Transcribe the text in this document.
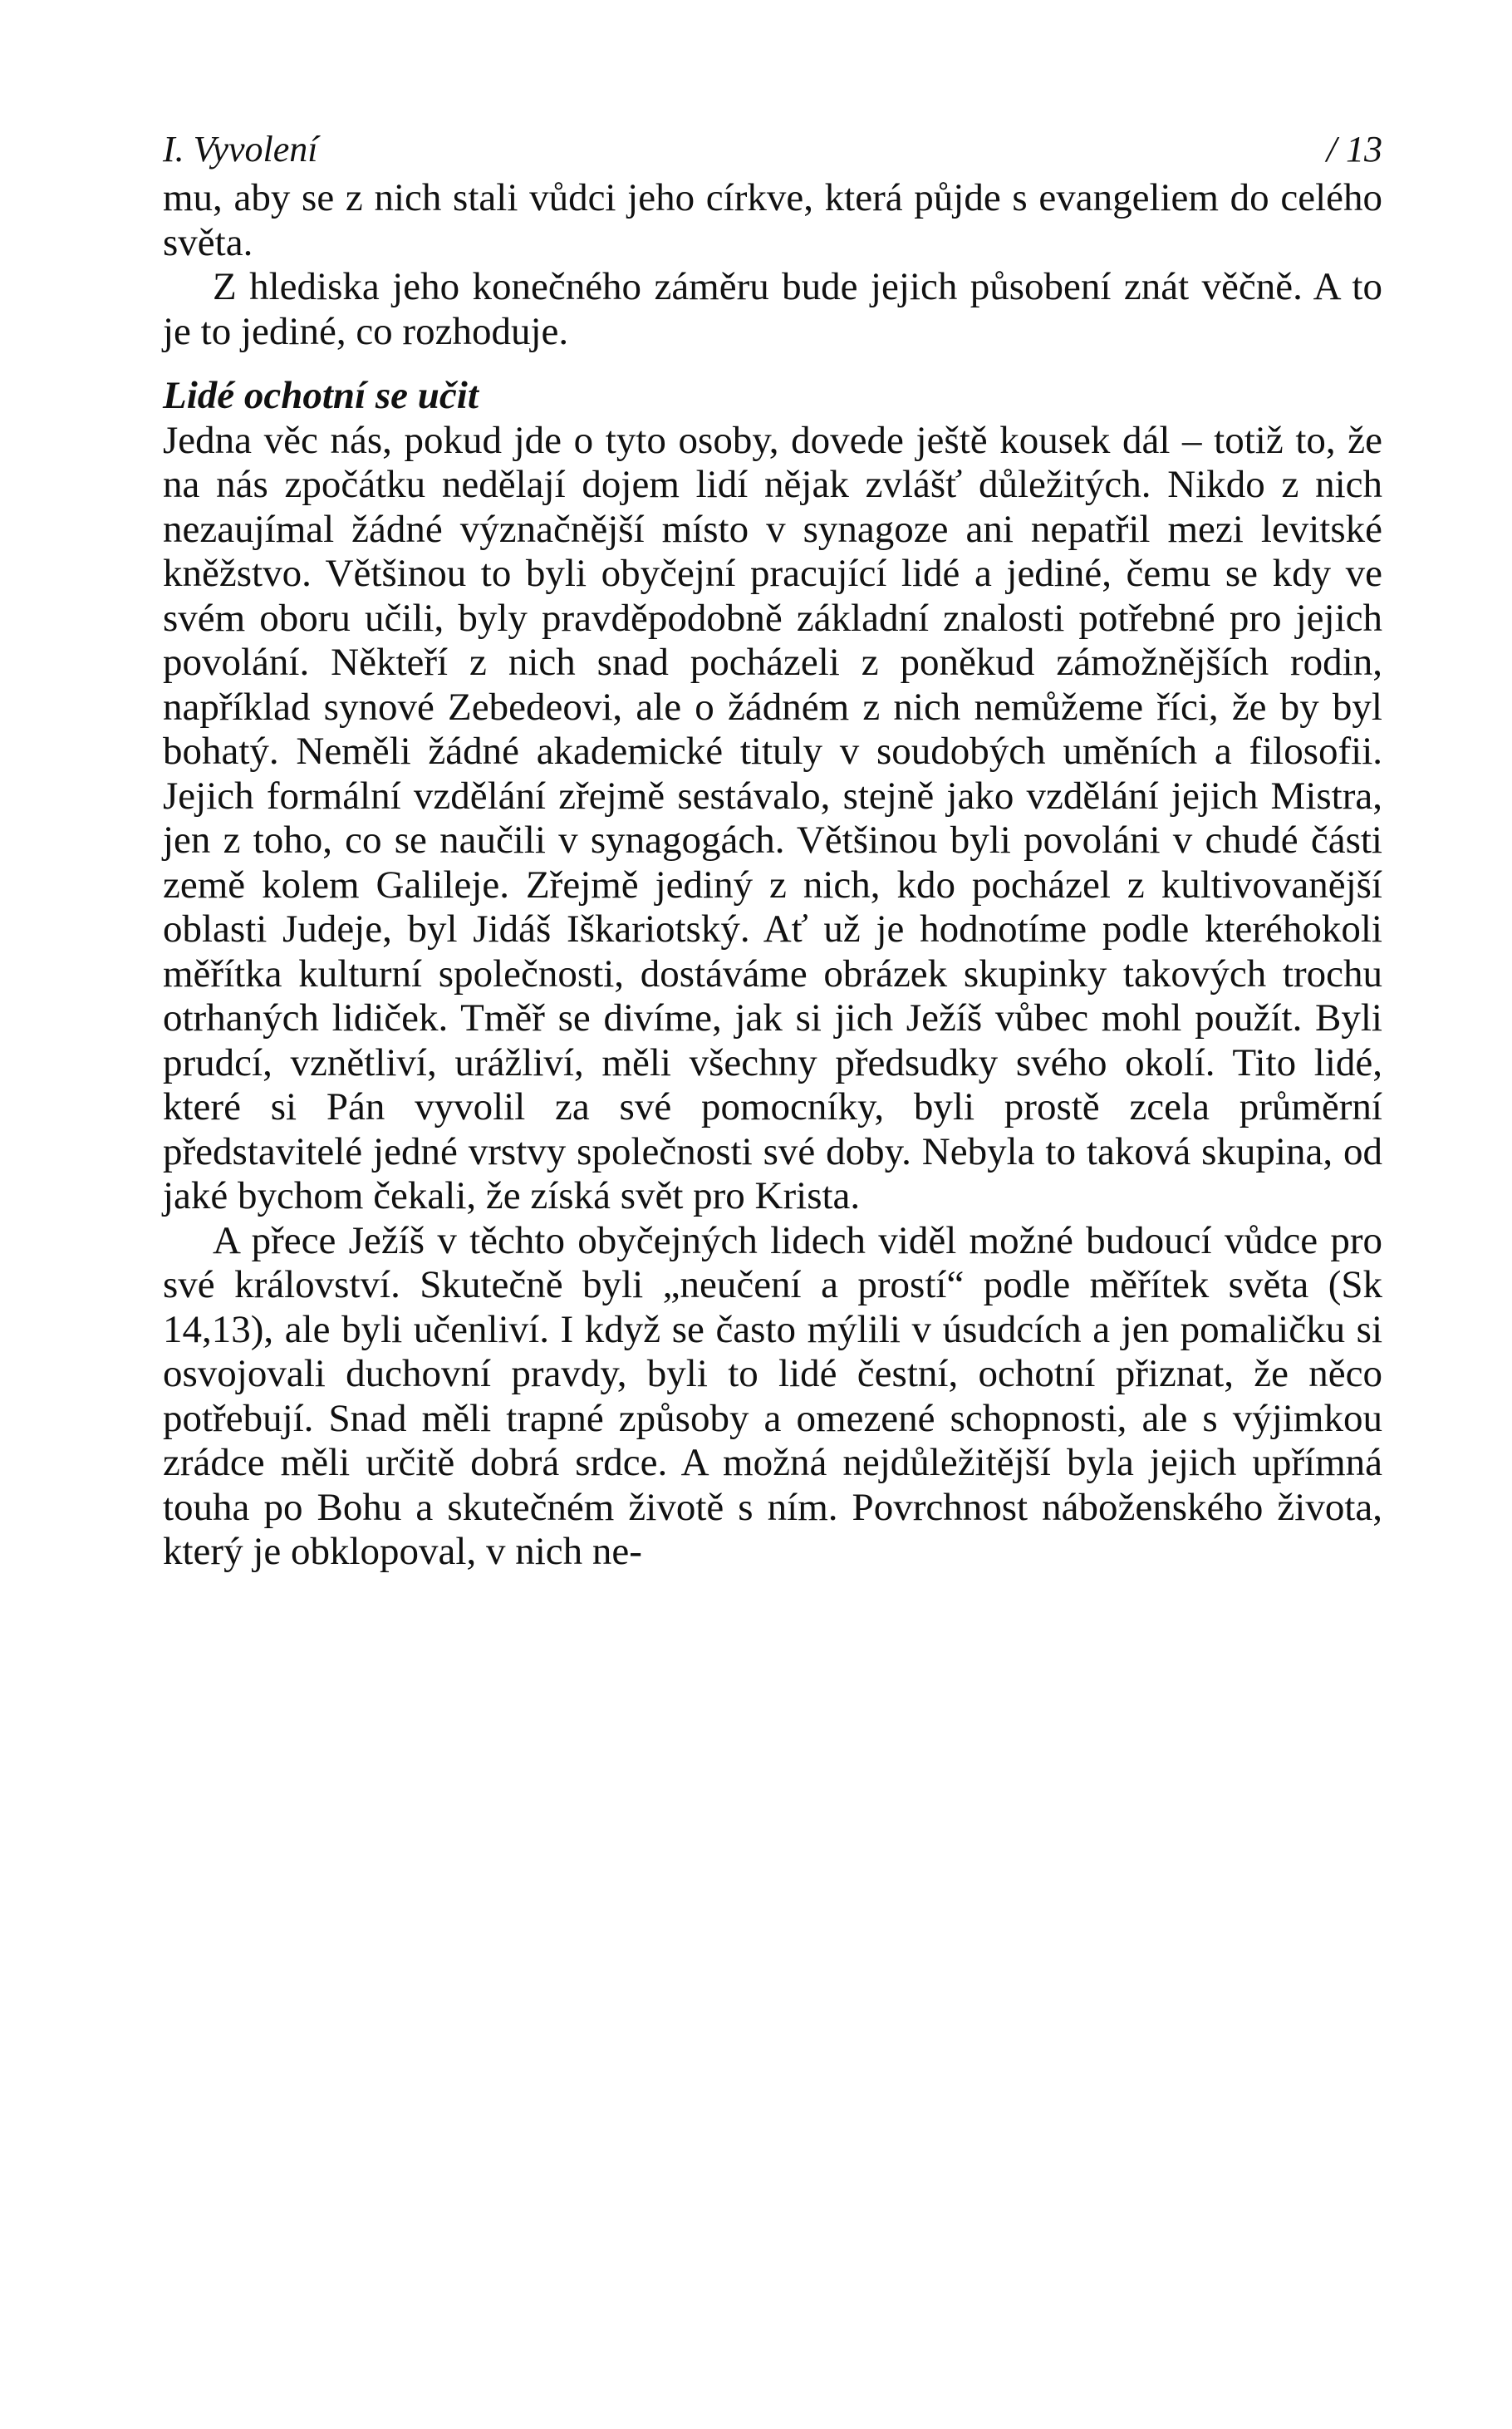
I. Vyvolení	/ 13

mu, aby se z nich stali vůdci jeho církve, která půjde s evangeliem do celého světa.

Z hlediska jeho konečného záměru bude jejich působení znát věčně. A to je to jediné, co rozhoduje.

Lidé ochotní se učit

Jedna věc nás, pokud jde o tyto osoby, dovede ještě kousek dál – totiž to, že na nás zpočátku nedělají dojem lidí nějak zvlášť důležitých. Nikdo z nich nezaujímal žádné význačnější místo v synagoze ani nepatřil mezi levitské kněžstvo. Většinou to byli obyčejní pracující lidé a jediné, čemu se kdy ve svém oboru učili, byly pravděpodobně základní znalosti potřebné pro jejich povolání. Někteří z nich snad pocházeli z poněkud zámožnějších rodin, například synové Zebedeovi, ale o žádném z nich nemůžeme říci, že by byl bohatý. Neměli žádné akademické tituly v soudobých uměních a filosofii. Jejich formální vzdělání zřejmě sestávalo, stejně jako vzdělání jejich Mistra, jen z toho, co se naučili v synagogách. Většinou byli povoláni v chudé části země kolem Galileje. Zřejmě jediný z nich, kdo pocházel z kultivovanější oblasti Judeje, byl Jidáš Iškariotský. Ať už je hodnotíme podle kteréhokoli měřítka kulturní společnosti, dostáváme obrázek skupinky takových trochu otrhaných lidiček. Tměř se divíme, jak si jich Ježíš vůbec mohl použít. Byli prudcí, vznětliví, urážliví, měli všechny předsudky svého okolí. Tito lidé, které si Pán vyvolil za své pomocníky, byli prostě zcela průměrní představitelé jedné vrstvy společnosti své doby. Nebyla to taková skupina, od jaké bychom čekali, že získá svět pro Krista.

A přece Ježíš v těchto obyčejných lidech viděl možné budoucí vůdce pro své království. Skutečně byli „neučení a prostí“ podle měřítek světa (Sk 14,13), ale byli učenliví. I když se často mýlili v úsudcích a jen pomaličku si osvojovali duchovní pravdy, byli to lidé čestní, ochotní přiznat, že něco potřebují. Snad měli trapné způsoby a omezené schopnosti, ale s výjimkou zrádce měli určitě dobrá srdce. A možná nejdůležitější byla jejich upřímná touha po Bohu a skutečném životě s ním. Povrchnost náboženského života, který je obklopoval, v nich ne-
